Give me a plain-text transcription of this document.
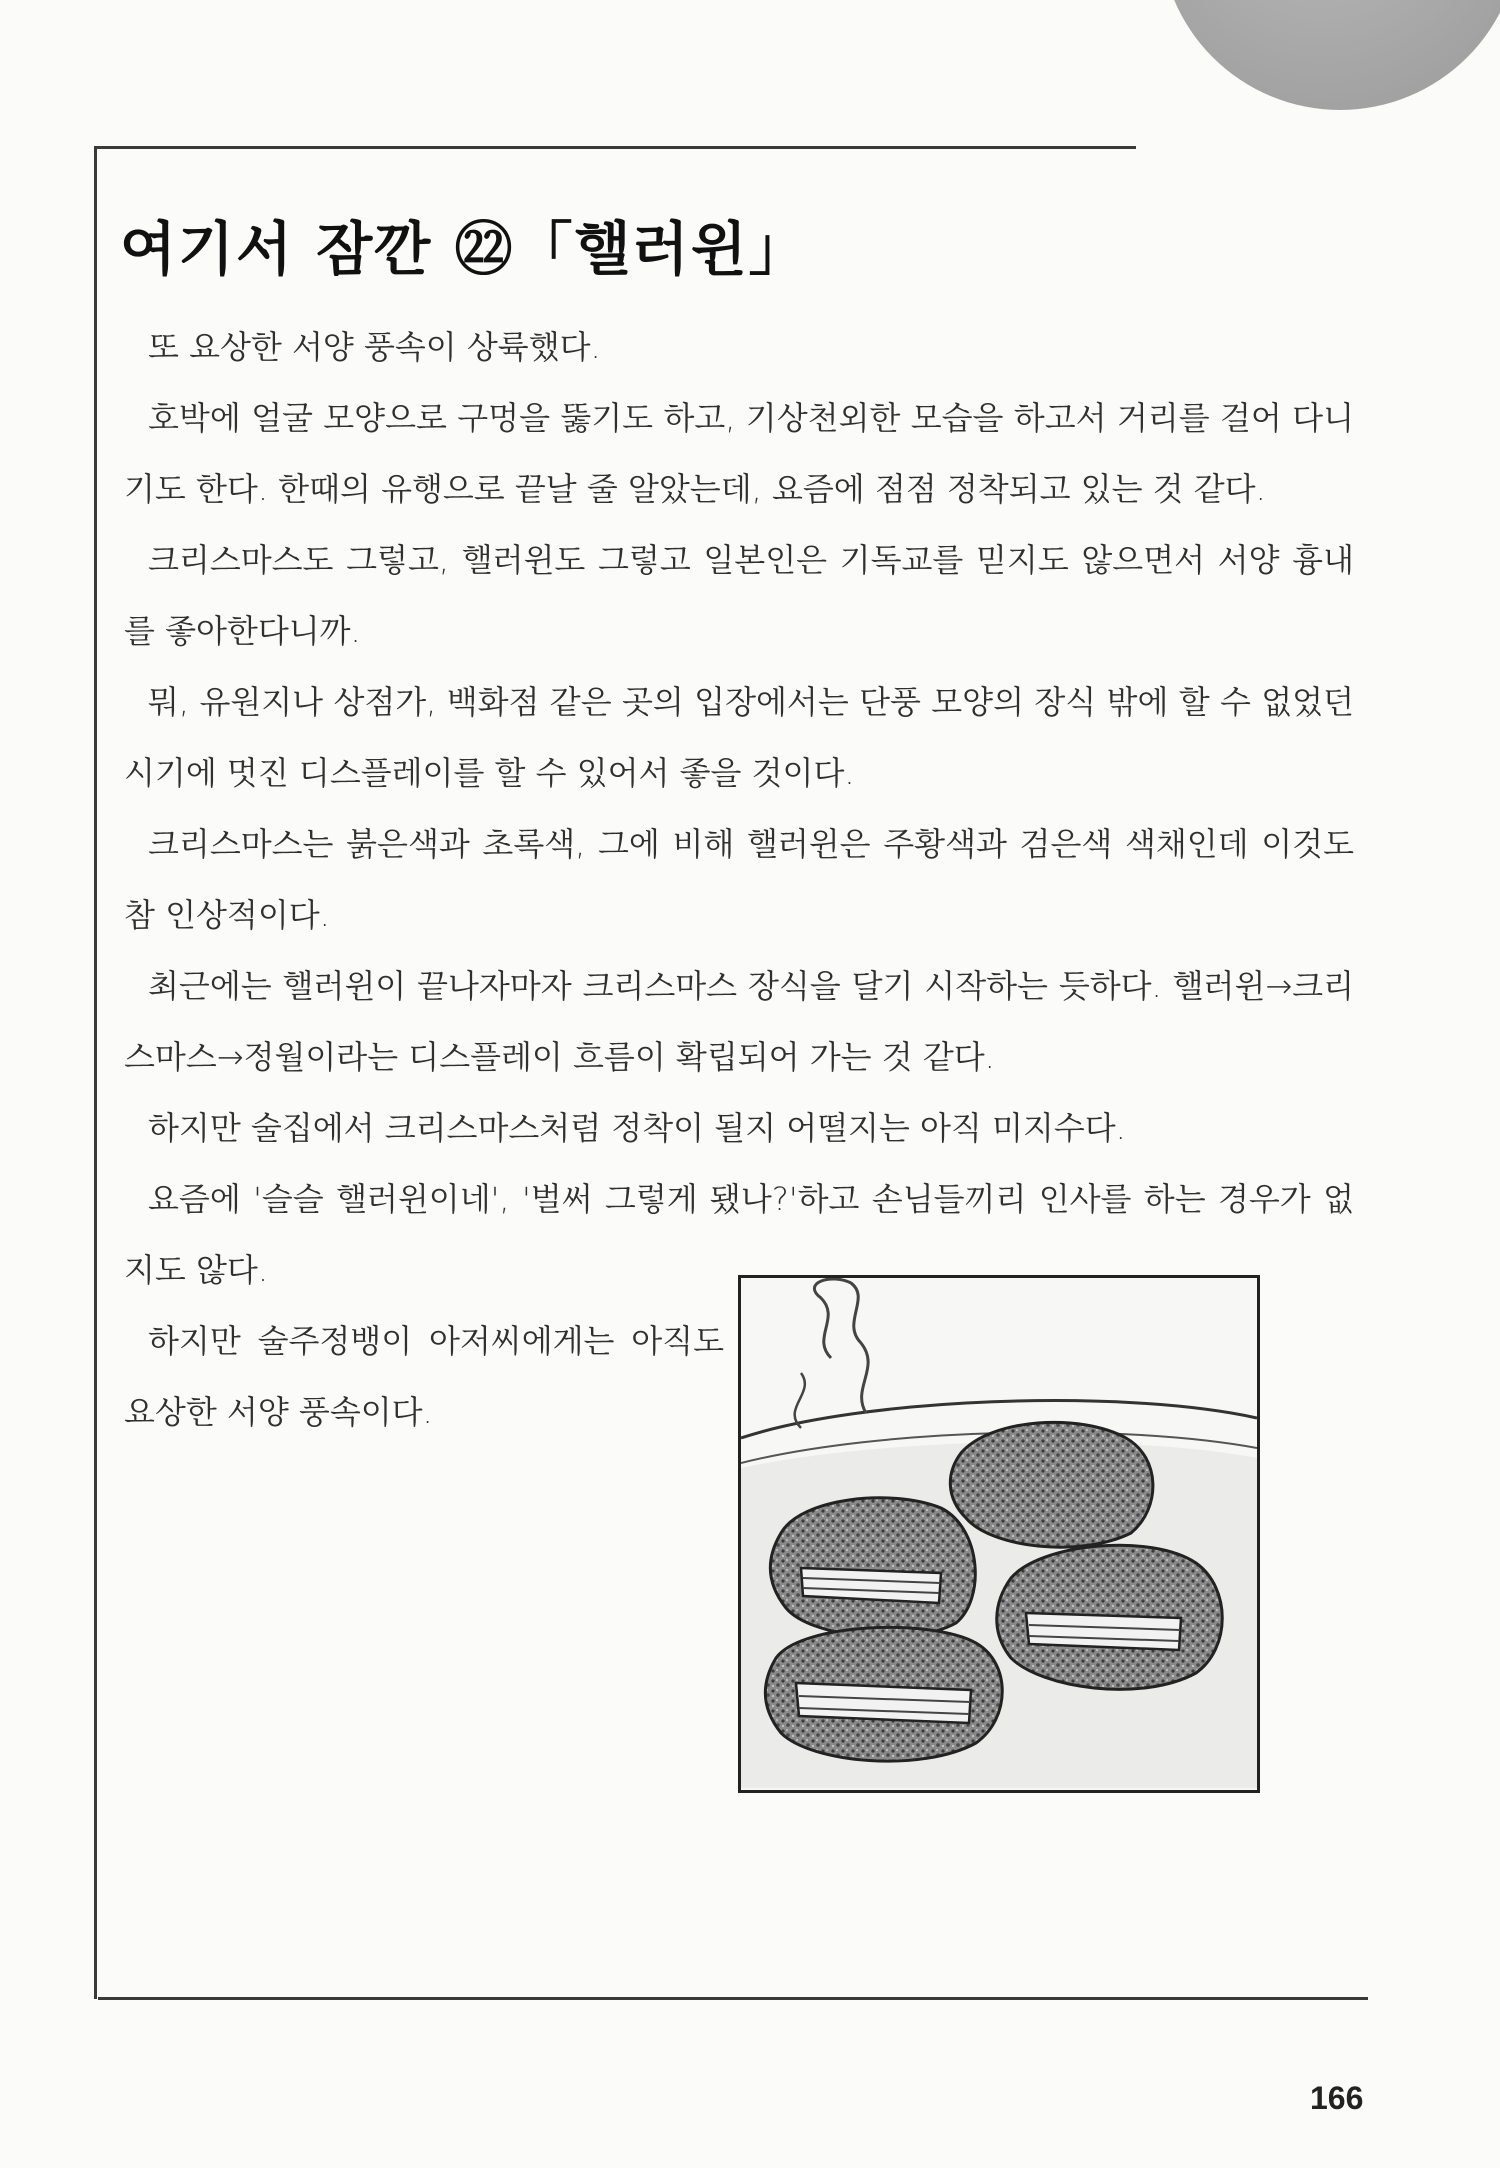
여기서 잠깐 ㉒「핼러윈」

또 요상한 서양 풍속이 상륙했다.

호박에 얼굴 모양으로 구멍을 뚫기도 하고, 기상천외한 모습을 하고서 거리를 걸어 다니기도 한다. 한때의 유행으로 끝날 줄 알았는데, 요즘에 점점 정착되고 있는 것 같다.

크리스마스도 그렇고, 핼러윈도 그렇고 일본인은 기독교를 믿지도 않으면서 서양 흉내를 좋아한다니까.

뭐, 유원지나 상점가, 백화점 같은 곳의 입장에서는 단풍 모양의 장식 밖에 할 수 없었던 시기에 멋진 디스플레이를 할 수 있어서 좋을 것이다.

크리스마스는 붉은색과 초록색, 그에 비해 핼러윈은 주황색과 검은색 색채인데 이것도 참 인상적이다.

최근에는 핼러윈이 끝나자마자 크리스마스 장식을 달기 시작하는 듯하다. 핼러윈→크리스마스→정월이라는 디스플레이 흐름이 확립되어 가는 것 같다.

하지만 술집에서 크리스마스처럼 정착이 될지 어떨지는 아직 미지수다.

요즘에 '슬슬 핼러윈이네', '벌써 그렇게 됐나?'하고 손님들끼리 인사를 하는 경우가 없지도 않다.

하지만 술주정뱅이 아저씨에게는 아직도 요상한 서양 풍속이다.

166
